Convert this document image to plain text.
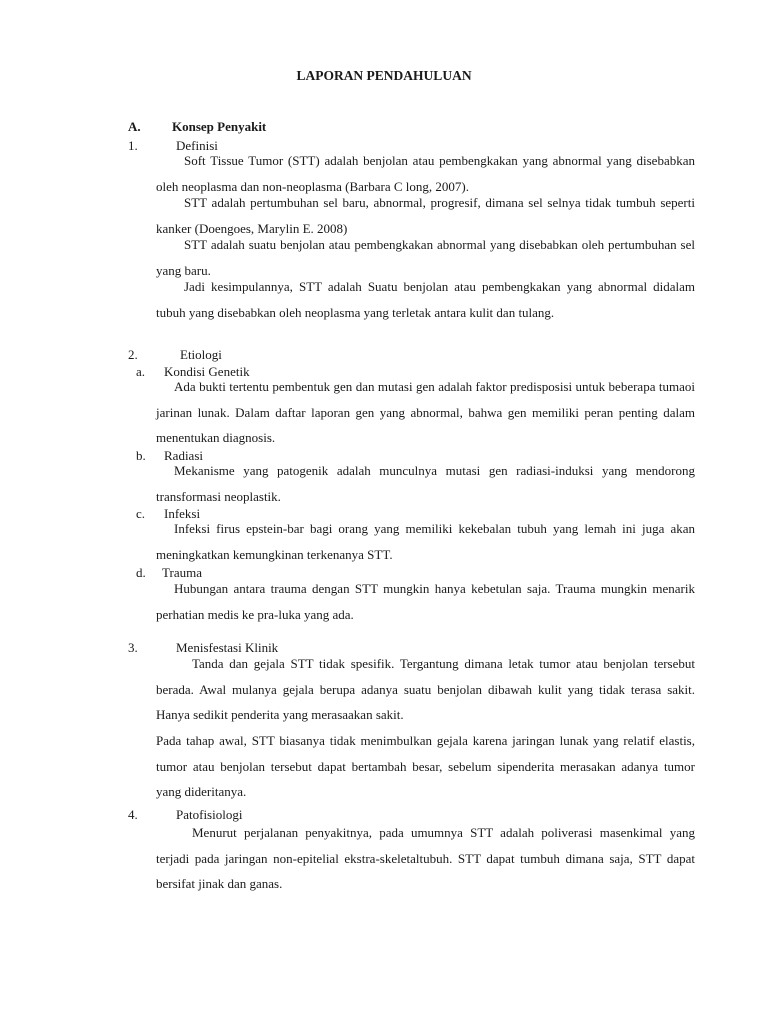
LAPORAN PENDAHULUAN
A. Konsep Penyakit
1.	Definisi
Soft Tissue Tumor (STT) adalah benjolan atau pembengkakan yang abnormal yang disebabkan oleh neoplasma dan non-neoplasma (Barbara C long, 2007).
STT adalah pertumbuhan sel baru, abnormal, progresif, dimana sel selnya tidak tumbuh seperti kanker (Doengoes, Marylin E. 2008)
STT adalah suatu benjolan atau pembengkakan abnormal yang disebabkan oleh pertumbuhan sel yang baru.
Jadi kesimpulannya, STT adalah Suatu benjolan atau pembengkakan yang abnormal didalam tubuh yang disebabkan oleh neoplasma yang terletak antara kulit dan tulang.
2.	Etiologi
a. Kondisi Genetik
Ada bukti tertentu pembentuk gen dan mutasi gen adalah faktor predisposisi untuk beberapa tumaoi jarinan lunak. Dalam daftar laporan gen yang abnormal, bahwa gen memiliki peran penting dalam menentukan diagnosis.
b. Radiasi
Mekanisme yang patogenik adalah munculnya mutasi gen radiasi-induksi yang mendorong transformasi neoplastik.
c. Infeksi
Infeksi firus epstein-bar bagi orang yang memiliki kekebalan tubuh yang lemah ini juga akan meningkatkan kemungkinan terkenanya STT.
d. Trauma
Hubungan antara trauma dengan STT mungkin hanya kebetulan saja. Trauma mungkin menarik perhatian medis ke pra-luka yang ada.
3.	Menisfestasi Klinik
Tanda dan gejala STT tidak spesifik. Tergantung dimana letak tumor atau benjolan tersebut berada. Awal mulanya gejala berupa adanya suatu benjolan dibawah kulit yang tidak terasa sakit. Hanya sedikit penderita yang merasaakan sakit.
Pada tahap awal, STT biasanya tidak menimbulkan gejala karena jaringan lunak yang relatif elastis, tumor atau benjolan tersebut dapat bertambah besar, sebelum sipenderita merasakan adanya tumor yang dideritanya.
4.	Patofisiologi
Menurut perjalanan penyakitnya, pada umumnya STT adalah poliverasi masenkimal yang terjadi pada jaringan non-epitelial ekstra-skeletaltubuh. STT dapat tumbuh dimana saja, STT dapat bersifat jinak dan ganas.
